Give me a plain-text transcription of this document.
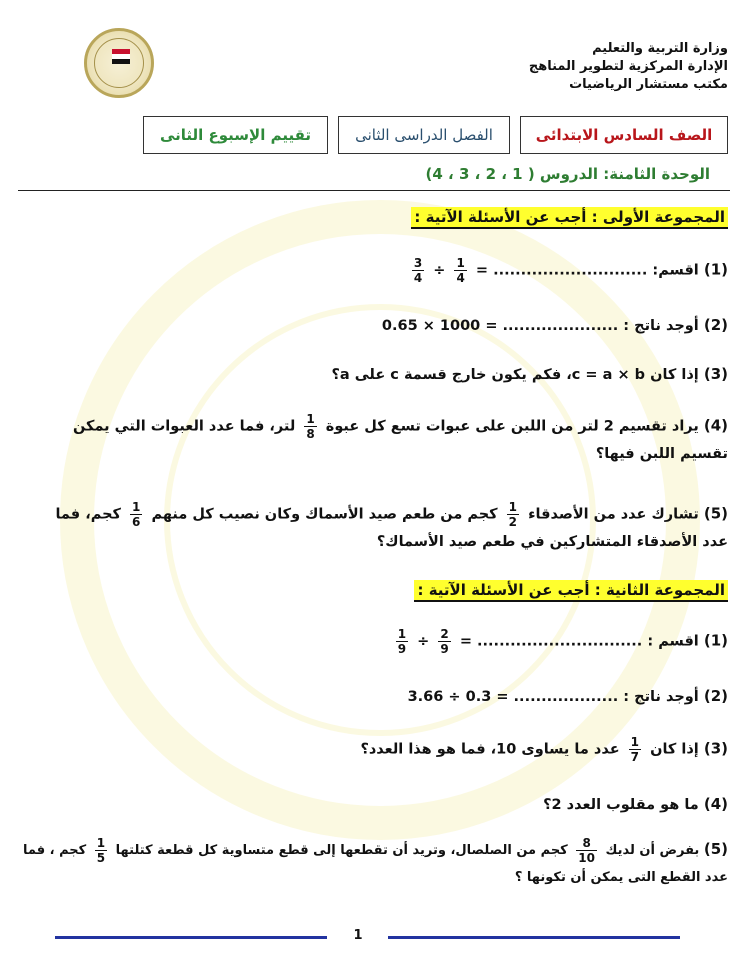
وزارة التربية والتعليم
الإدارة المركزية لتطوير المناهج
مكتب مستشار الرياضيات
الصف السادس الابتدائى
الفصل الدراسى الثانى
تقييم الإسبوع الثانى
الوحدة الثامنة: الدروس ( 1 ، 2 ، 3 ، 4)
المجموعة الأولى : أجب عن الأسئلة الآتية :
(1) اقسم: ............................ =
$\frac{1}{4}$
÷
$\frac{3}{4}$
(2) أوجد ناتج : ..................... 0.65 × 1000 =
(3) إذا كان c = a × b، فكم يكون خارج قسمة c على a؟
(4) يراد تقسيم 2 لتر من اللبن على عبوات تسع كل عبوة
$\frac{1}{8}$
لتر، فما عدد العبوات التي يمكن
تقسيم اللبن فيها؟
(5) تشارك عدد من الأصدقاء
$\frac{1}{2}$
كجم من طعم صيد الأسماك وكان نصيب كل منهم
$\frac{1}{6}$
كجم، فما
عدد الأصدقاء المتشاركين في طعم صيد الأسماك؟
المجموعة الثانية : أجب عن الأسئلة الآتية :
(1) اقسم : .............................. =
$\frac{2}{9}$
÷
$\frac{1}{9}$
(2) أوجد ناتج : ................... 3.66 ÷ 0.3 =
(3) إذا كان
$\frac{1}{7}$
عدد ما يساوى 10، فما هو هذا العدد؟
(4) ما هو مقلوب العدد 2؟
(5) بفرض أن لديك
$\frac{8}{10}$
كجم من الصلصال، وتريد أن تقطعها إلى قطع متساوية كل قطعة كتلتها
$\frac{1}{5}$
كجم ، فما
عدد القطع التى يمكن أن تكونها ؟
1
